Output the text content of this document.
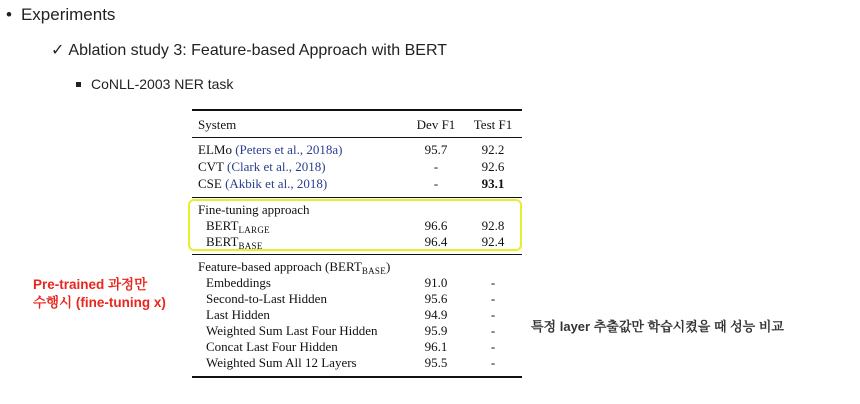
• Experiments
✓ Ablation study 3: Feature-based Approach with BERT
CoNLL-2003 NER task
System	Dev F1	Test F1
ELMo (Peters et al., 2018a)	95.7	92.2
CVT (Clark et al., 2018)	-	92.6
CSE (Akbik et al., 2018)	-	93.1
Fine-tuning approach
$BERT_{LARGE}$	96.6	92.8
$BERT_{BASE}$	96.4	92.4
Feature-based approach $(BERT_{BASE})$
Embeddings	91.0	-
Second-to-Last Hidden	95.6	-
Last Hidden	94.9	-
Weighted Sum Last Four Hidden	95.9	-
Concat Last Four Hidden	96.1	-
Weighted Sum All 12 Layers	95.5	-
Pre-trained 과정만
수행시 (fine-tuning x)
특정 layer 추출값만 학습시켰을 때 성능 비교
